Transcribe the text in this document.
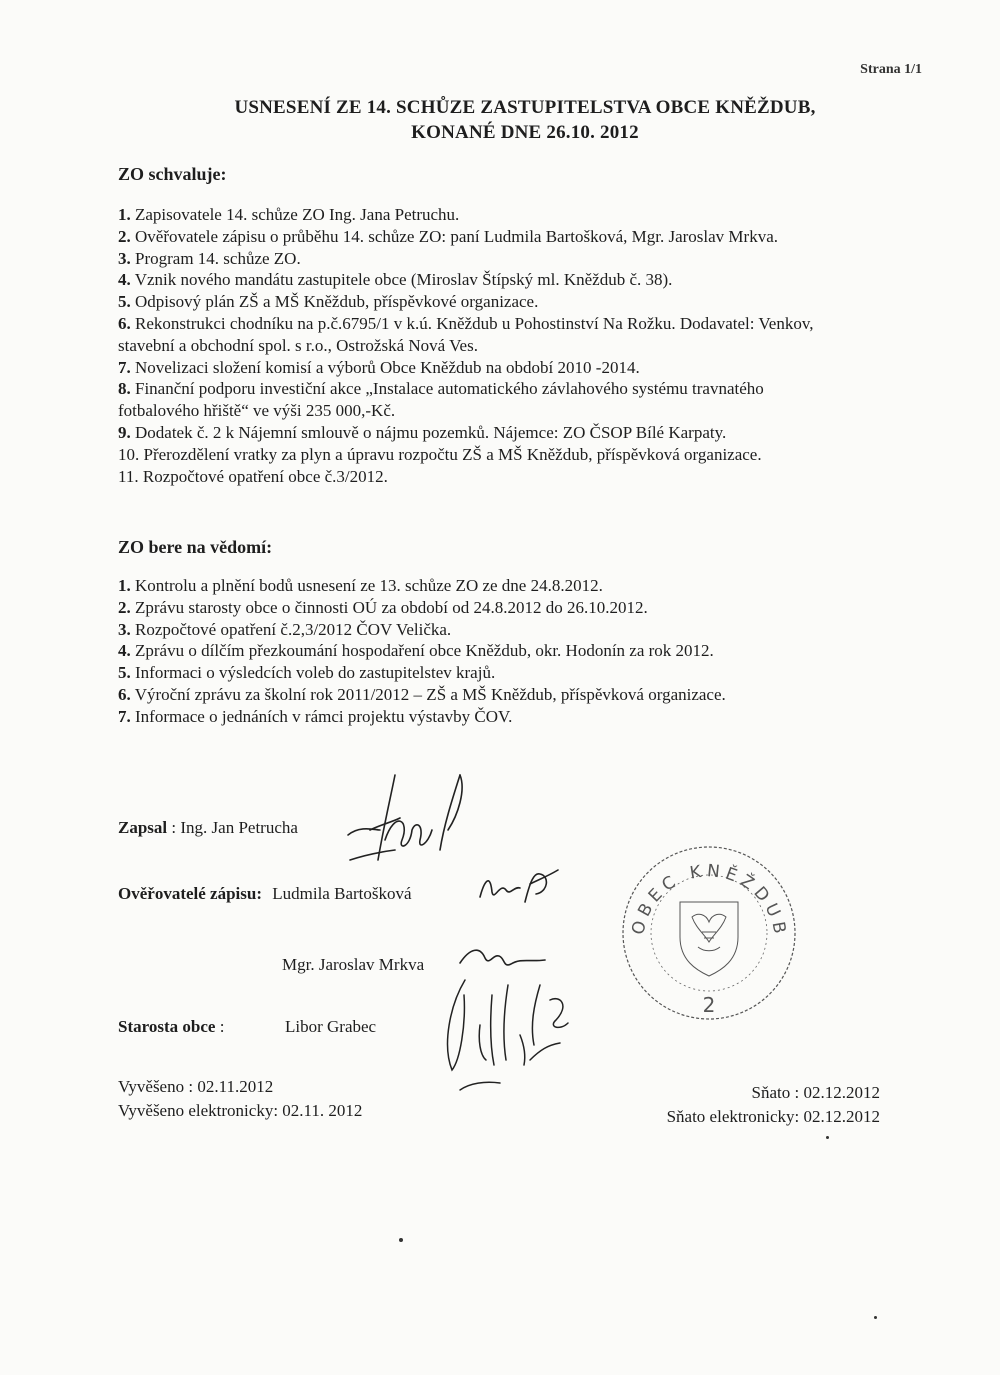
Strana 1/1
USNESENÍ ZE 14. SCHŮZE ZASTUPITELSTVA OBCE KNĚŽDUB,
KONANÉ DNE 26.10. 2012
ZO schvaluje:
1. Zapisovatele 14. schůze ZO Ing. Jana Petruchu.
2. Ověřovatele zápisu o průběhu 14. schůze ZO: paní Ludmila Bartošková, Mgr. Jaroslav Mrkva.
3. Program 14. schůze ZO.
4. Vznik nového mandátu zastupitele obce (Miroslav Štípský ml. Kněždub č. 38).
5. Odpisový plán ZŠ a MŠ Kněždub, příspěvkové organizace.
6. Rekonstrukci chodníku na p.č.6795/1 v k.ú. Kněždub u Pohostinství Na Rožku. Dodavatel: Venkov,
stavební a obchodní spol. s r.o., Ostrožská Nová Ves.
7. Novelizaci složení komisí a výborů Obce Kněždub na období 2010 -2014.
8. Finanční podporu investiční akce „Instalace automatického závlahového systému travnatého
fotbalového hřiště“ ve výši 235 000,-Kč.
9. Dodatek č. 2 k Nájemní smlouvě o nájmu pozemků. Nájemce: ZO ČSOP Bílé Karpaty.
10. Přerozdělení vratky za plyn a úpravu rozpočtu ZŠ a MŠ Kněždub, příspěvková organizace.
11. Rozpočtové opatření obce č.3/2012.
ZO bere na vědomí:
1. Kontrolu a plnění bodů usnesení ze 13. schůze ZO ze dne 24.8.2012.
2. Zprávu starosty obce o činnosti OÚ za období od 24.8.2012 do 26.10.2012.
3. Rozpočtové opatření č.2,3/2012 ČOV Velička.
4. Zprávu o dílčím přezkoumání hospodaření obce Kněždub, okr. Hodonín za rok 2012.
5. Informaci o výsledcích voleb do zastupitelstev krajů.
6. Výroční zprávu za školní rok 2011/2012 – ZŠ a MŠ Kněždub, příspěvková organizace.
7. Informace o jednáních v rámci projektu výstavby ČOV.
Zapsal : Ing. Jan Petrucha
Ověřovatelé zápisu: Ludmila Bartošková
Mgr. Jaroslav Mrkva
Starosta obce :	Libor Grabec
OBEC KNĚŽDUB
2
Vyvěšeno : 02.11.2012
Vyvěšeno elektronicky: 02.11. 2012
Sňato : 02.12.2012
Sňato elektronicky: 02.12.2012
